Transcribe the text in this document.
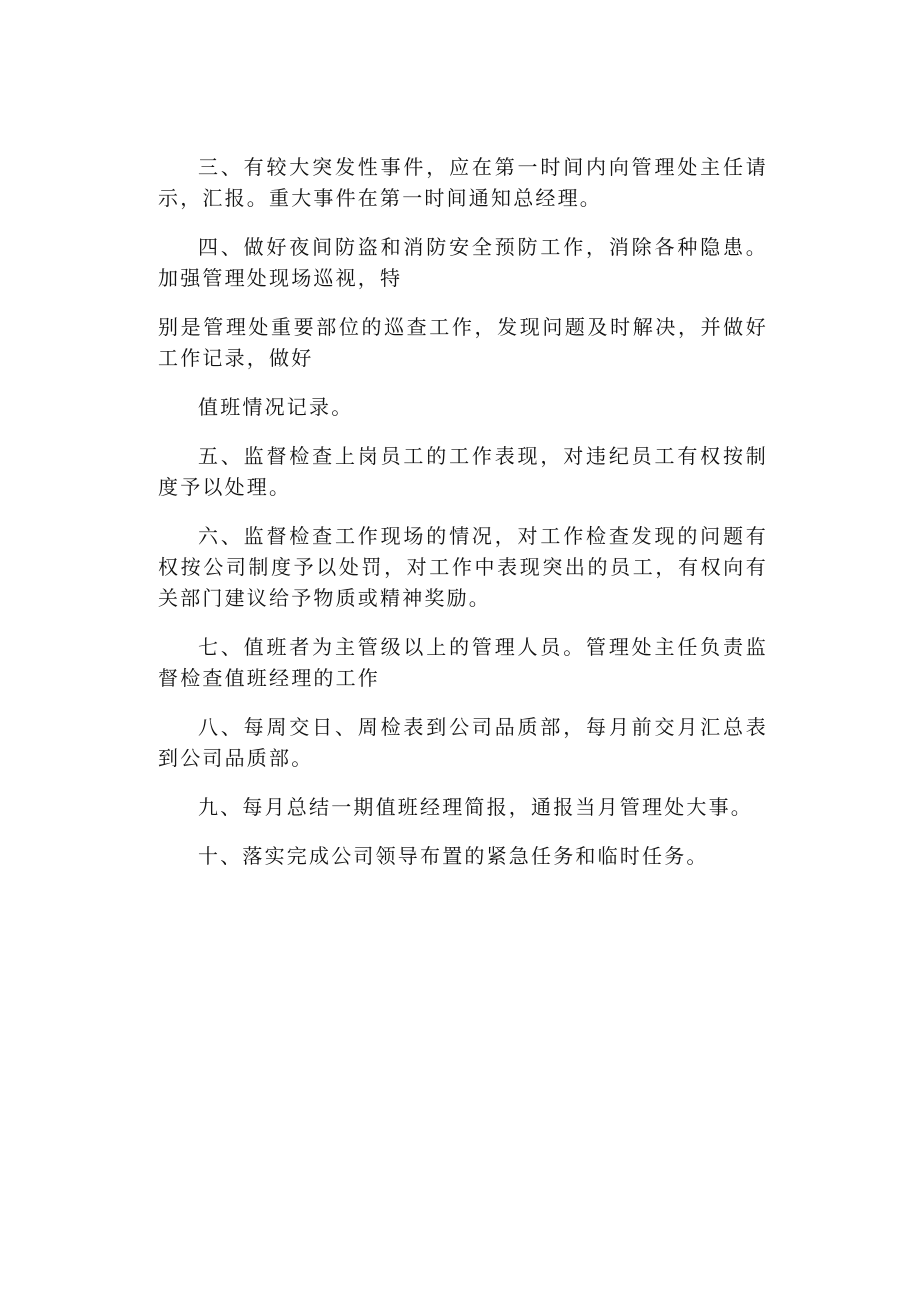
三、有较大突发性事件，应在第一时间内向管理处主任请示，汇报。重大事件在第一时间通知总经理。

四、做好夜间防盗和消防安全预防工作，消除各种隐患。加强管理处现场巡视，特

别是管理处重要部位的巡查工作，发现问题及时解决，并做好工作记录，做好

值班情况记录。

五、监督检查上岗员工的工作表现，对违纪员工有权按制度予以处理。

六、监督检查工作现场的情况，对工作检查发现的问题有权按公司制度予以处罚，对工作中表现突出的员工，有权向有关部门建议给予物质或精神奖励。

七、值班者为主管级以上的管理人员。管理处主任负责监督检查值班经理的工作

八、每周交日、周检表到公司品质部，每月前交月汇总表到公司品质部。

九、每月总结一期值班经理简报，通报当月管理处大事。

十、落实完成公司领导布置的紧急任务和临时任务。
